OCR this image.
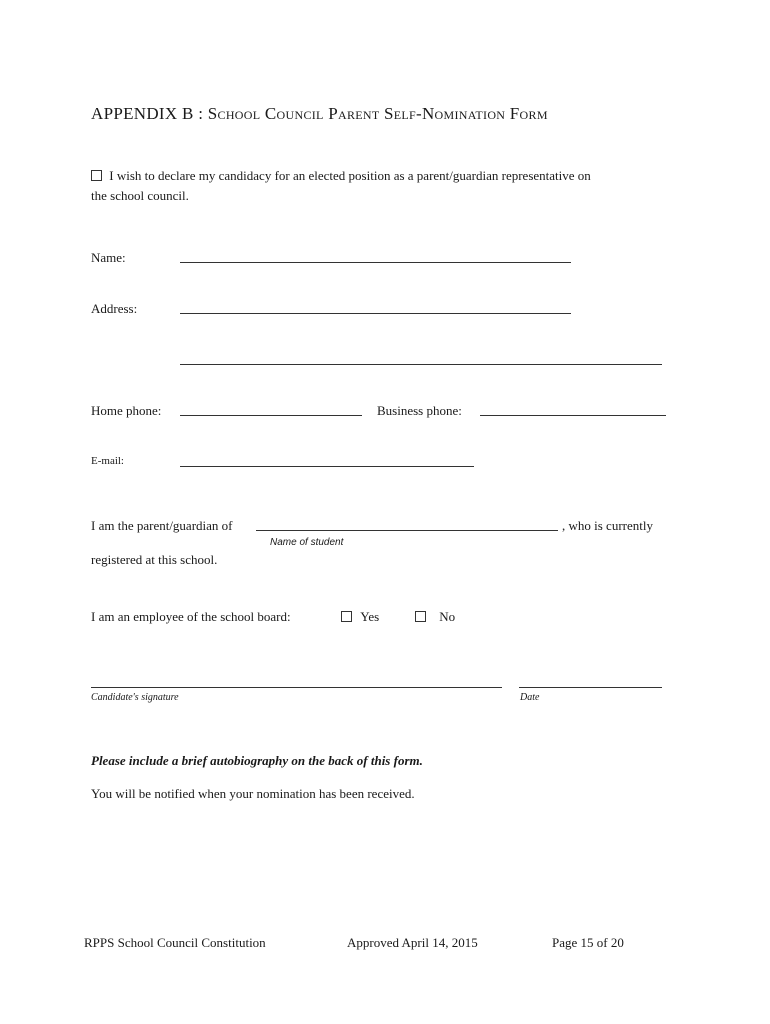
APPENDIX B : School Council Parent Self-Nomination Form
I wish to declare my candidacy for an elected position as a parent/guardian representative on
the school council.
Name:
Address:
Home phone:	Business phone:
E-mail:
I am the parent/guardian of	, who is currently
Name of student
registered at this school.
I am an employee of the school board:	Yes	No
Candidate's signature	Date
Please include a brief autobiography on the back of this form.
You will be notified when your nomination has been received.
RPPS School Council Constitution	Approved April 14, 2015	Page 15 of 20
